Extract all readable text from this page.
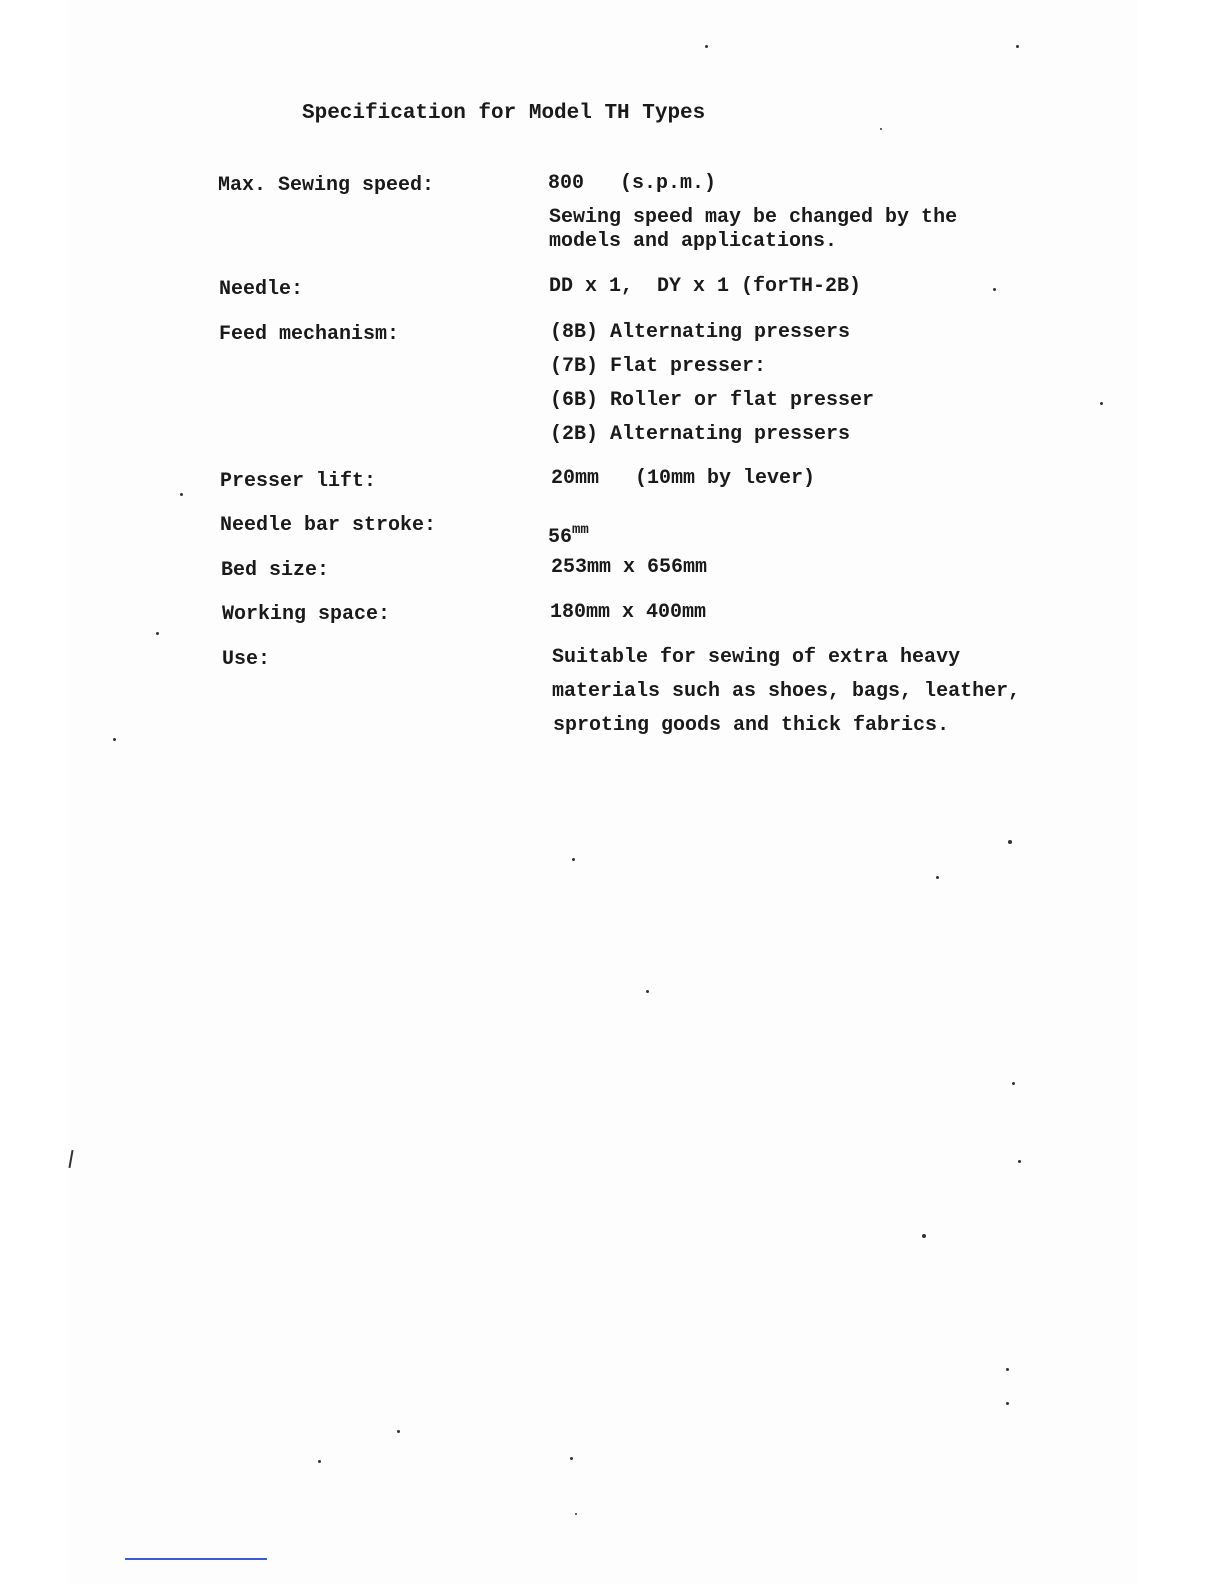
Specification for Model TH Types
Max. Sewing speed:	800   (s.p.m.)
Sewing speed may be changed by the
models and applications.
Needle:	DD x 1,  DY x 1 (forTH-2B)
Feed mechanism:	(8B) Alternating pressers
(7B) Flat presser:
(6B) Roller or flat presser
(2B) Alternating pressers
Presser lift:	20mm   (10mm by lever)
Needle bar stroke:
$56^{mm}$
Bed size:	253mm x 656mm
Working space:	180mm x 400mm
Use:	Suitable for sewing of extra heavy
materials such as shoes, bags, leather,
sproting goods and thick fabrics.
